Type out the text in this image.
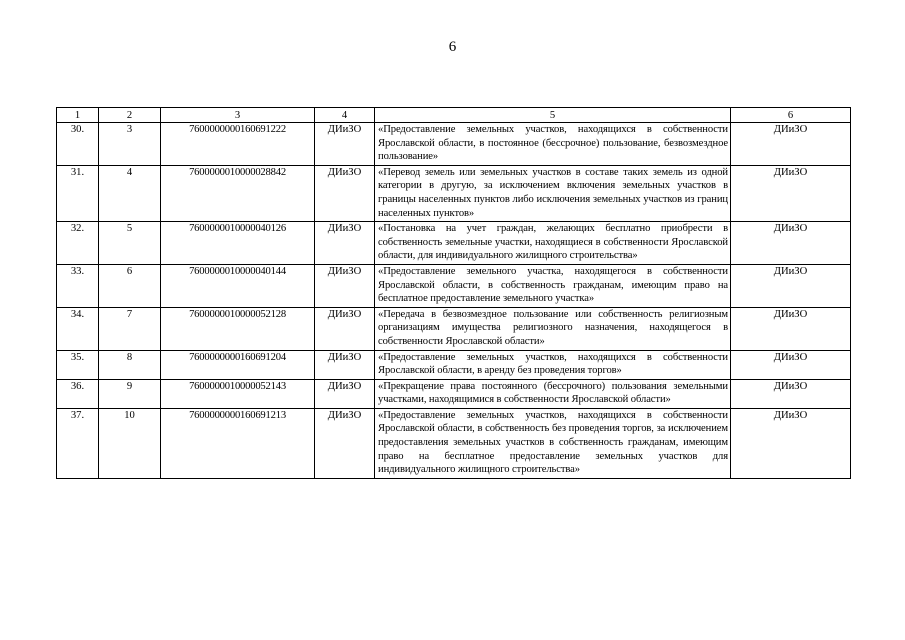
6
1	2	3	4	5	6
30.	3	7600000000160691222	ДИиЗО	«Предоставление земельных участков, находящихся в собственности Ярославской области, в постоянное (бессрочное) пользование, безвозмездное пользование»	ДИиЗО
31.	4	7600000010000028842	ДИиЗО	«Перевод земель или земельных участков в составе таких земель из одной категории в другую, за исключением включения земельных участков в границы населенных пунктов либо исключения земельных участков из границ населенных пунктов»	ДИиЗО
32.	5	7600000010000040126	ДИиЗО	«Постановка на учет граждан, желающих бесплатно приобрести в собственность земельные участки, находящиеся в собственности Ярославской области, для индивидуального жилищного строительства»	ДИиЗО
33.	6	7600000010000040144	ДИиЗО	«Предоставление земельного участка, находящегося в собственности Ярославской области, в собственность гражданам, имеющим право на бесплатное предоставление земельного участка»	ДИиЗО
34.	7	7600000010000052128	ДИиЗО	«Передача в безвозмездное пользование или собственность религиозным организациям имущества религиозного назначения, находящегося в собственности Ярославской области»	ДИиЗО
35.	8	7600000000160691204	ДИиЗО	«Предоставление земельных участков, находящихся в собственности Ярославской области, в аренду без проведения торгов»	ДИиЗО
36.	9	7600000010000052143	ДИиЗО	«Прекращение права постоянного (бессрочного) пользования земельными участками, находящимися в собственности Ярославской области»	ДИиЗО
37.	10	7600000000160691213	ДИиЗО	«Предоставление земельных участков, находящихся в собственности Ярославской области, в собственность без проведения торгов, за исключением предоставления земельных участков в собственность гражданам, имеющим право на бесплатное предоставление земельных участков для индивидуального жилищного строительства»	ДИиЗО
